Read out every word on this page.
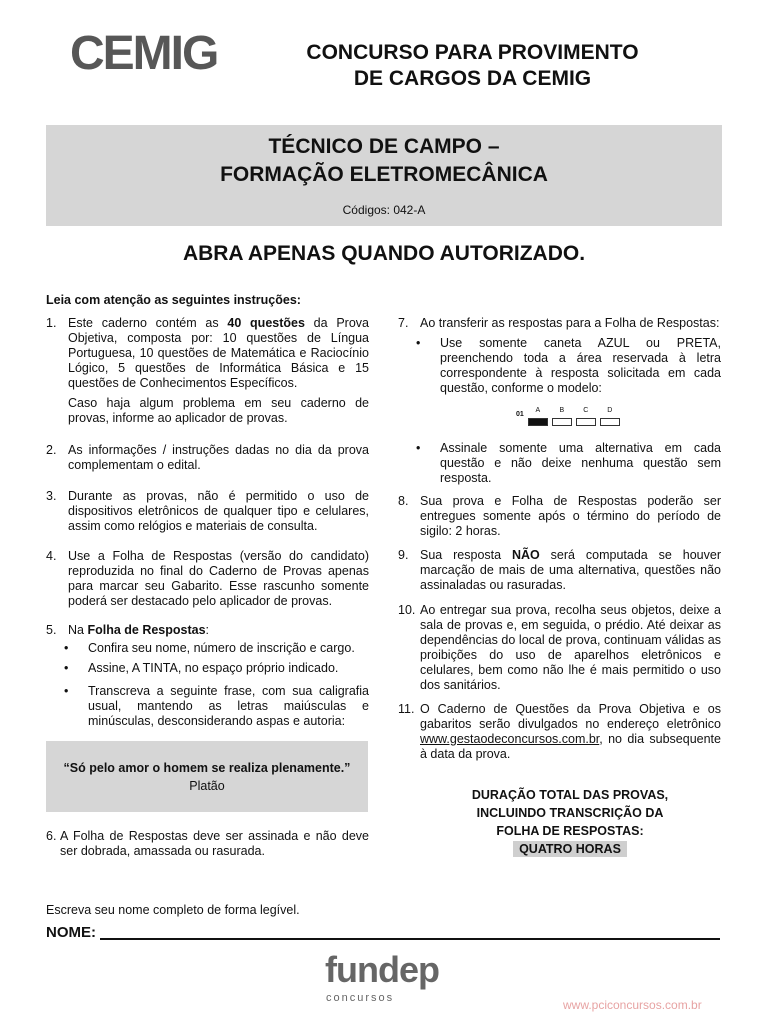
CEMIG	CONCURSO PARA PROVIMENTO
DE CARGOS DA CEMIG
TÉCNICO DE CAMPO –
FORMAÇÃO ELETROMECÂNICA
Códigos: 042-A
ABRA APENAS QUANDO AUTORIZADO.
Leia com atenção as seguintes instruções:
1. Este caderno contém as 40 questões da Prova Objetiva, composta por: 10 questões de Língua Portuguesa, 10 questões de Matemática e Raciocínio Lógico, 5 questões de Informática Básica e 15 questões de Conhecimentos Específicos.
Caso haja algum problema em seu caderno de provas, informe ao aplicador de provas.
2. As informações / instruções dadas no dia da prova complementam o edital.
3. Durante as provas, não é permitido o uso de dispositivos eletrônicos de qualquer tipo e celulares, assim como relógios e materiais de consulta.
4. Use a Folha de Respostas (versão do candidato) reproduzida no final do Caderno de Provas apenas para marcar seu Gabarito. Esse rascunho somente poderá ser destacado pelo aplicador de provas.
5. Na Folha de Respostas:
• Confira seu nome, número de inscrição e cargo.
• Assine, A TINTA, no espaço próprio indicado.
• Transcreva a seguinte frase, com sua caligrafia usual, mantendo as letras maiúsculas e minúsculas, desconsiderando aspas e autoria:
6. A Folha de Respostas deve ser assinada e não deve ser dobrada, amassada ou rasurada.
“Só pelo amor o homem se realiza plenamente.”
Platão
7. Ao transferir as respostas para a Folha de Respostas:
• Use somente caneta AZUL ou PRETA, preenchendo toda a área reservada à letra correspondente à resposta solicitada em cada questão, conforme o modelo:
01
A	B	C	D
• Assinale somente uma alternativa em cada questão e não deixe nenhuma questão sem resposta.
8. Sua prova e Folha de Respostas poderão ser entregues somente após o término do período de sigilo: 2 horas.
9. Sua resposta NÃO será computada se houver marcação de mais de uma alternativa, questões não assinaladas ou rasuradas.
10. Ao entregar sua prova, recolha seus objetos, deixe a sala de provas e, em seguida, o prédio. Até deixar as dependências do local de prova, continuam válidas as proibições do uso de aparelhos eletrônicos e celulares, bem como não lhe é mais permitido o uso dos sanitários.
11. O Caderno de Questões da Prova Objetiva e os gabaritos serão divulgados no endereço eletrônico www.gestaodeconcursos.com.br, no dia subsequente à data da prova.
DURAÇÃO TOTAL DAS PROVAS,
INCLUINDO TRANSCRIÇÃO DA
FOLHA DE RESPOSTAS:
QUATRO HORAS
Escreva seu nome completo de forma legível.
NOME:
fundep
concursos	www.pciconcursos.com.br
